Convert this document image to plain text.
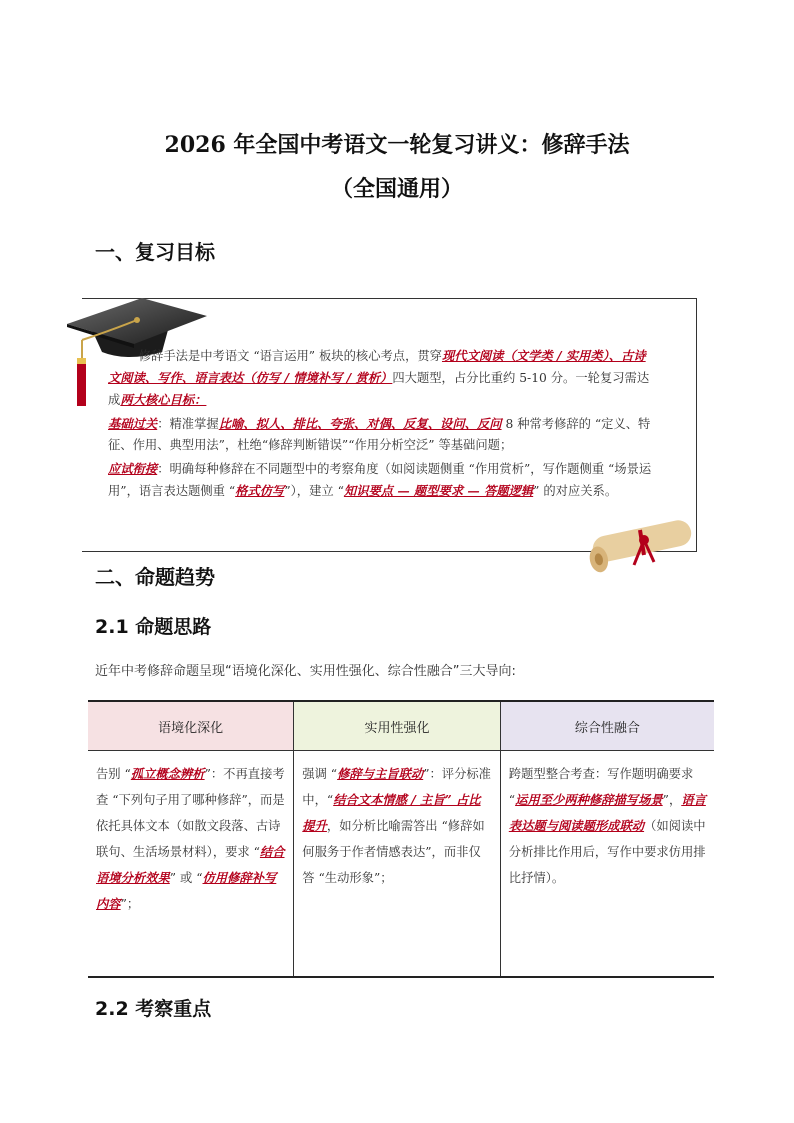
2026 年全国中考语文一轮复习讲义：修辞手法
（全国通用）
一、复习目标

修辞手法是中考语文 “语言运用” 板块的核心考点，贯穿现代文阅读（文学类 / 实用类）、古诗文阅读、写作、语言表达（仿写 / 情境补写 / 赏析）四大题型，占分比重约 5-10 分。一轮复习需达成两大核心目标：

基础过关：精准掌握比喻、拟人、排比、夸张、对偶、反复、设问、反问 8 种常考修辞的 “定义、特征、作用、典型用法”，杜绝“修辞判断错误”“作用分析空泛” 等基础问题；

应试衔接：明确每种修辞在不同题型中的考察角度（如阅读题侧重 “作用赏析”，写作题侧重 “场景运用”，语言表达题侧重 “格式仿写”），建立 “知识要点 — 题型要求 — 答题逻辑” 的对应关系。

二、命题趋势
2.1 命题思路
近年中考修辞命题呈现“语境化深化、实用性强化、综合性融合”三大导向:
语境化深化	实用性强化	综合性融合
告别 “孤立概念辨析”：不再直接考查 “下列句子用了哪种修辞”，而是依托具体文本（如散文段落、古诗联句、生活场景材料），要求 “结合语境分析效果” 或 “仿用修辞补写内容”；	强调 “修辞与主旨联动”：评分标准中，“结合文本情感 / 主旨” 占比提升，如分析比喻需答出 “修辞如何服务于作者情感表达”，而非仅答 “生动形象”；	跨题型整合考查：写作题明确要求 “运用至少两种修辞描写场景”，语言表达题与阅读题形成联动（如阅读中分析排比作用后，写作中要求仿用排比抒情）。
2.2 考察重点
